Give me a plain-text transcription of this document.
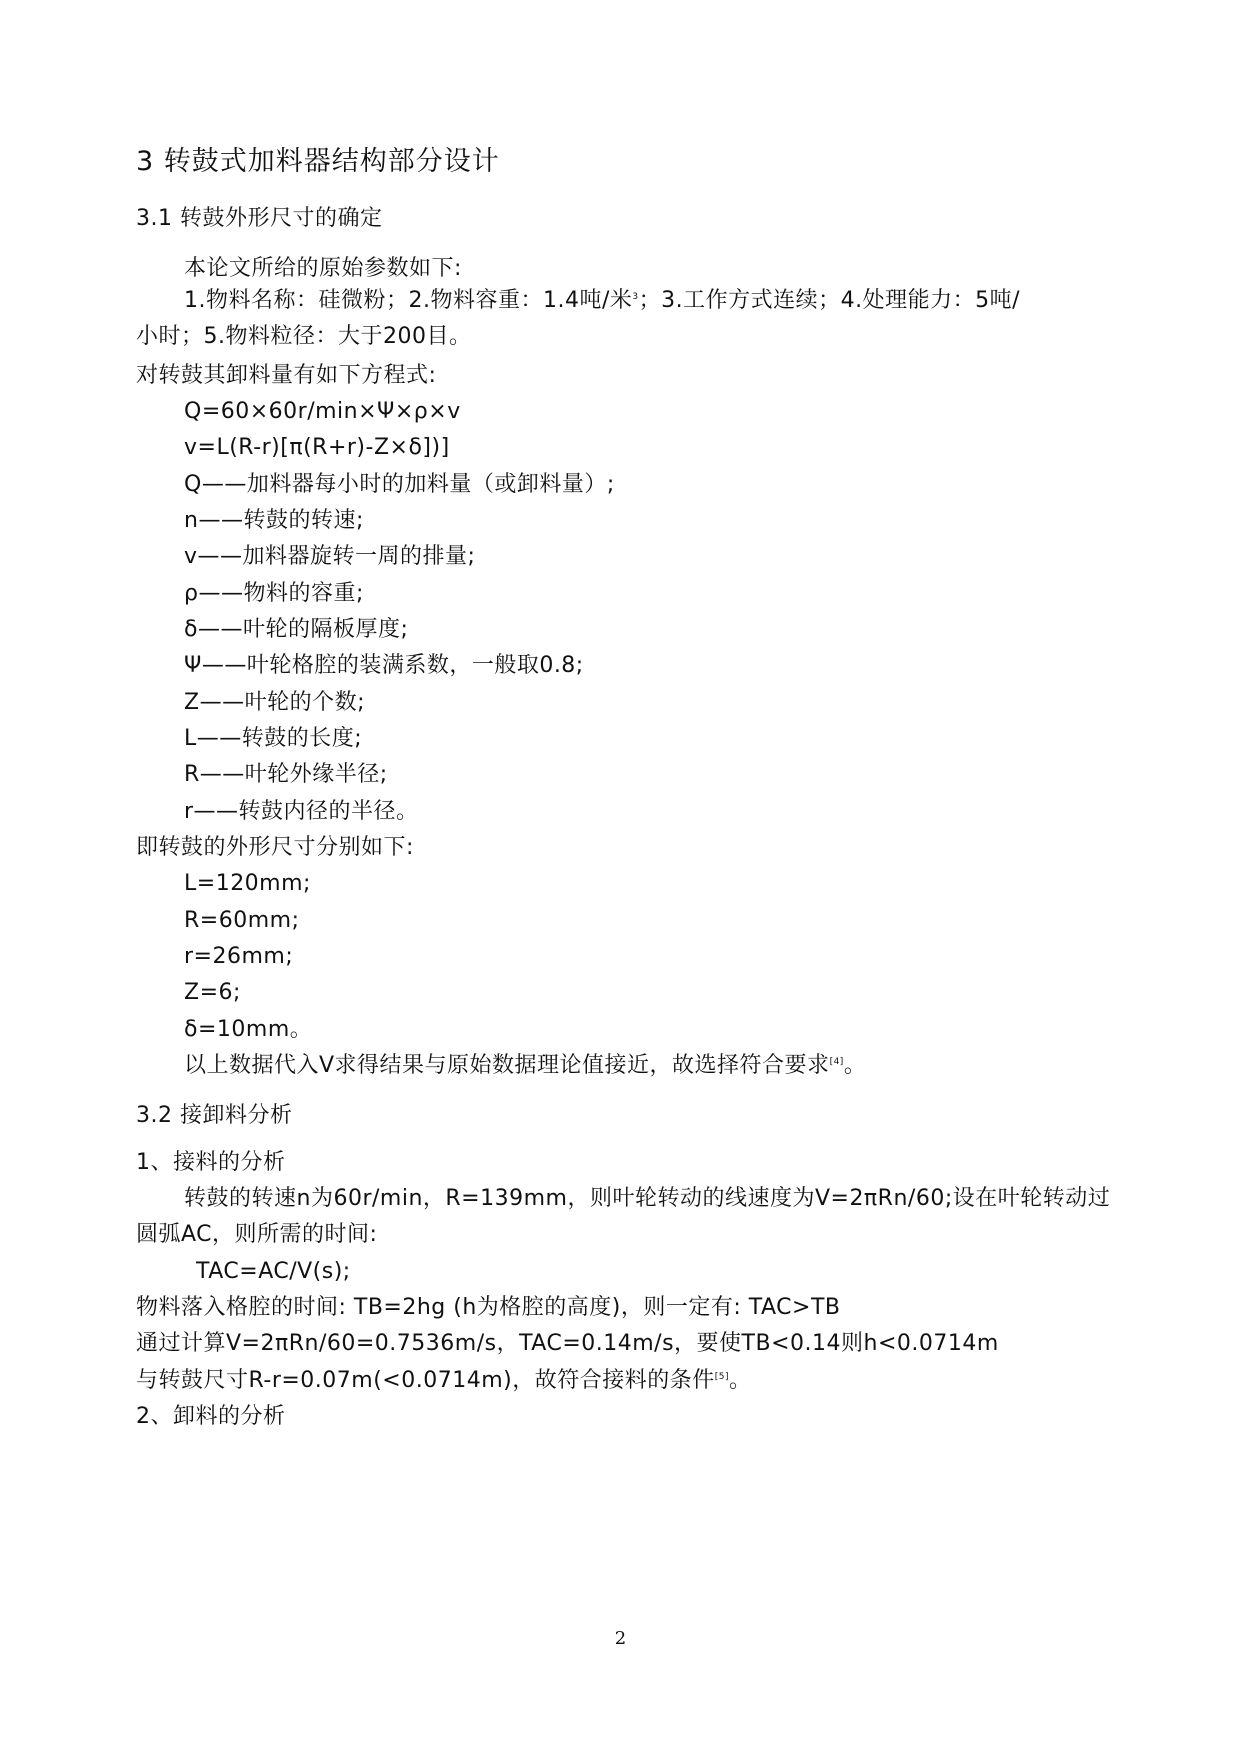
3 转鼓式加料器结构部分设计
3.1 转鼓外形尺寸的确定
本论文所给的原始参数如下:
1.物料名称：硅微粉；2.物料容重：1.4吨/米$^3$；3.工作方式连续；4.处理能力：5吨/
小时；5.物料粒径：大于200目。
对转鼓其卸料量有如下方程式:
Q=60×60r/min×Ψ×ρ×v
v=L(R-r)[π(R+r)-Z×δ])]
Q——加料器每小时的加料量（或卸料量）;
n——转鼓的转速;
v——加料器旋转一周的排量;
ρ——物料的容重;
δ——叶轮的隔板厚度;
Ψ——叶轮格腔的装满系数，一般取0.8;
Z——叶轮的个数;
L——转鼓的长度;
R——叶轮外缘半径;
r——转鼓内径的半径。
即转鼓的外形尺寸分别如下:
L=120mm;
R=60mm;
r=26mm;
Z=6;
δ=10mm。
以上数据代入V求得结果与原始数据理论值接近，故选择符合要求[4]。
3.2 接卸料分析
1、接料的分析
转鼓的转速n为60r/min，R=139mm，则叶轮转动的线速度为V=2πRn/60;设在叶轮转动过
圆弧AC，则所需的时间:
TAC=AC/V(s);
物料落入格腔的时间: TB=2hg (h为格腔的高度)，则一定有: TAC>TB
通过计算V=2πRn/60=0.7536m/s，TAC=0.14m/s，要使TB<0.14则h<0.0714m
与转鼓尺寸R-r=0.07m(<0.0714m)，故符合接料的条件[5]。
2、卸料的分析
2
